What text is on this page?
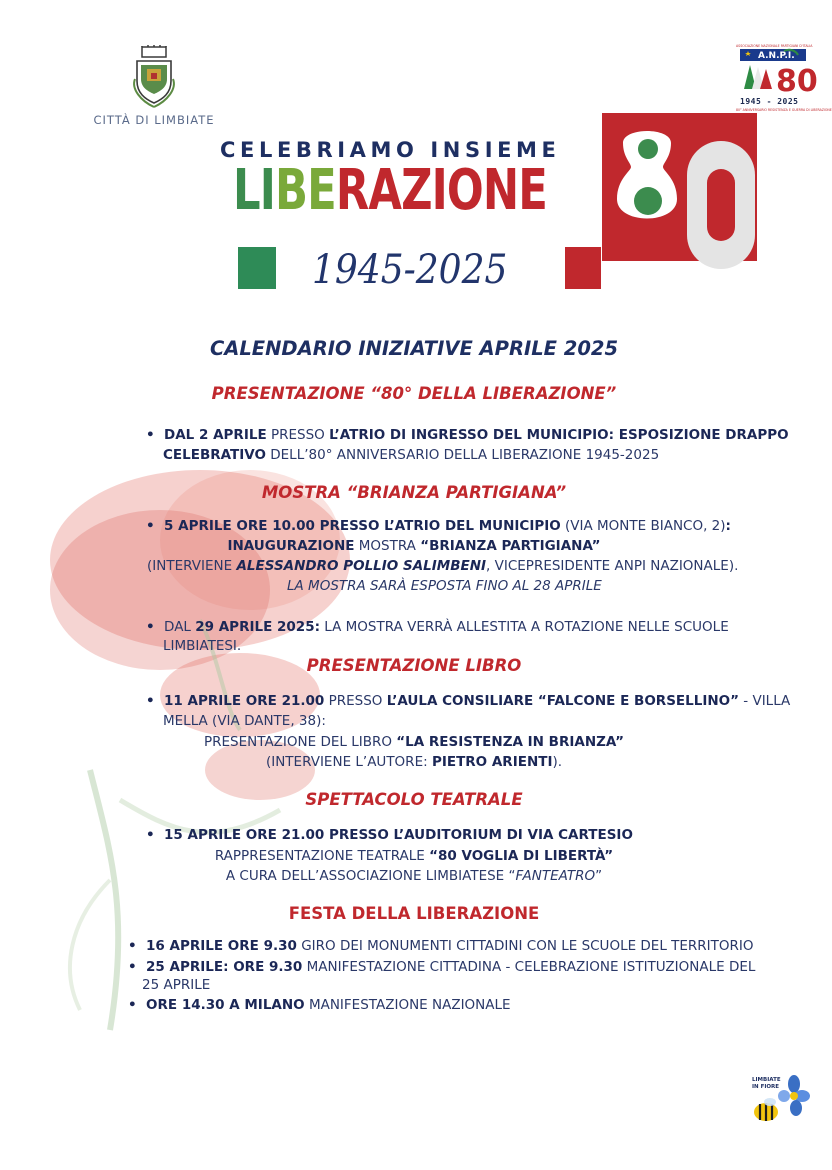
CITTÀ DI LIMBIATE
ASSOCIAZIONE NAZIONALE PARTIGIANI D'ITALIA
80
A.N.P.I.
1945 - 2025
80° ANNIVERSARIO RESISTENZA E GUERRA DI LIBERAZIONE
CELEBRIAMO INSIEME
LIBERAZIONE
1945-2025
CALENDARIO INIZIATIVE APRILE 2025
PRESENTAZIONE “80° DELLA LIBERAZIONE”
•  DAL 2 APRILE PRESSO L’ATRIO DI INGRESSO DEL MUNICIPIO: ESPOSIZIONE DRAPPO
CELEBRATIVO DELL’80° ANNIVERSARIO DELLA LIBERAZIONE 1945-2025
MOSTRA “BRIANZA PARTIGIANA”
•  5 APRILE ORE 10.00 PRESSO L’ATRIO DEL MUNICIPIO (VIA MONTE BIANCO, 2):
INAUGURAZIONE MOSTRA “BRIANZA PARTIGIANA”
(INTERVIENE ALESSANDRO POLLIO SALIMBENI, VICEPRESIDENTE ANPI NAZIONALE).
LA MOSTRA SARÀ ESPOSTA FINO AL 28 APRILE
•  DAL 29 APRILE 2025: LA MOSTRA VERRÀ ALLESTITA A ROTAZIONE NELLE SCUOLE
LIMBIATESI.
PRESENTAZIONE LIBRO
•  11 APRILE ORE 21.00 PRESSO L’AULA CONSILIARE “FALCONE E BORSELLINO” - VILLA
MELLA (VIA DANTE, 38):
PRESENTAZIONE DEL LIBRO “LA RESISTENZA IN BRIANZA”
(INTERVIENE L’AUTORE: PIETRO ARIENTI).
SPETTACOLO TEATRALE
•  15 APRILE ORE 21.00 PRESSO L’AUDITORIUM DI VIA CARTESIO
RAPPRESENTAZIONE TEATRALE “80 VOGLIA DI LIBERTÀ”
A CURA DELL’ASSOCIAZIONE LIMBIATESE “FANTEATRO”
FESTA DELLA LIBERAZIONE
•  16 APRILE ORE 9.30 GIRO DEI MONUMENTI CITTADINI CON LE SCUOLE DEL TERRITORIO
•  25 APRILE: ORE 9.30 MANIFESTAZIONE CITTADINA - CELEBRAZIONE ISTITUZIONALE DEL
25 APRILE
•  ORE 14.30 A MILANO MANIFESTAZIONE NAZIONALE
LIMBIATE
IN FIORE
